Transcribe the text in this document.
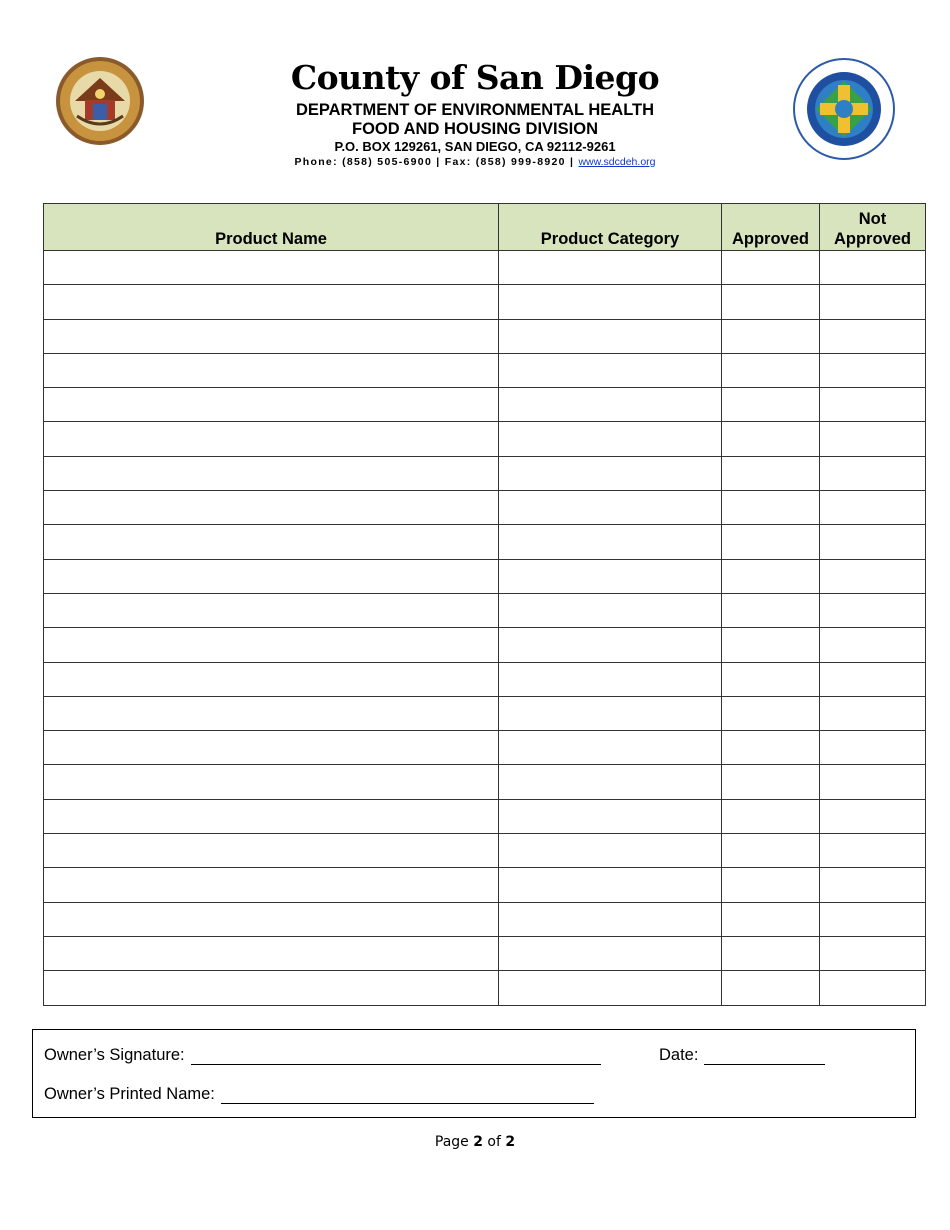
County of San Diego
DEPARTMENT OF ENVIRONMENTAL HEALTH
FOOD AND HOUSING DIVISION
P.O. BOX 129261, SAN DIEGO, CA 92112-9261
Phone: (858) 505-6900 | Fax: (858) 999-8920 | www.sdcdeh.org
Product Name	Product Category	Approved	Not Approved

Owner’s Signature:	Date:
Owner’s Printed Name:
Page 2 of 2
